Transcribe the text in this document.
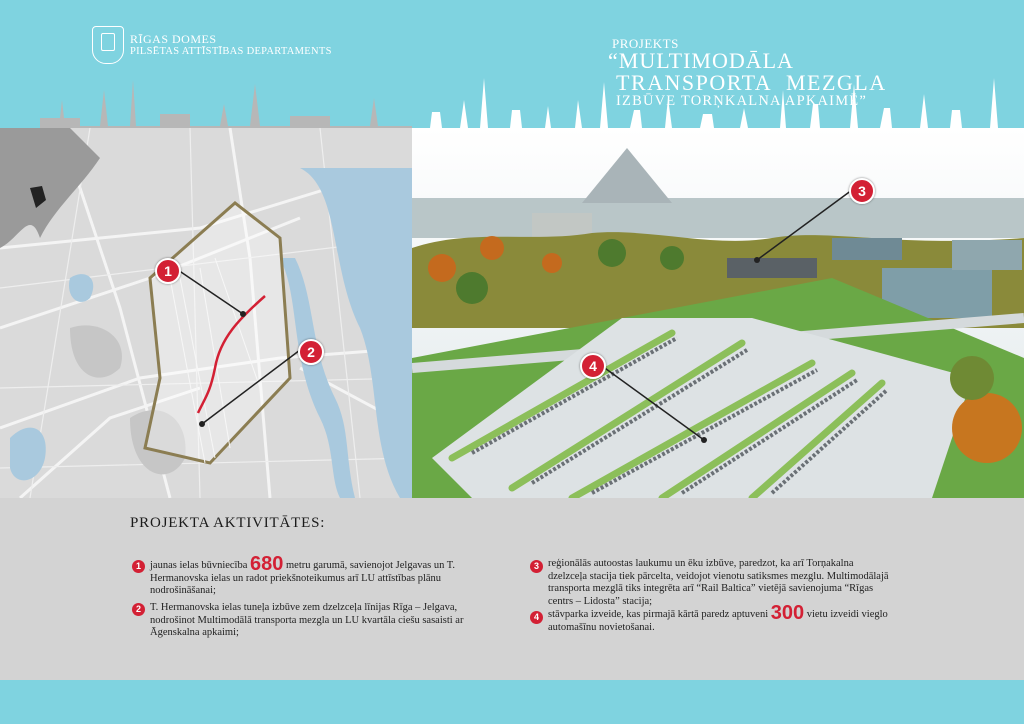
RĪGAS DOMES
PILSĒTAS ATTĪSTĪBAS DEPARTAMENTS
PROJEKTS
“MULTIMODĀLA
TRANSPORTA MEZGLA
IZBŪVE TORŅKALNA APKAIMĒ”
1
2
3
4
PROJEKTA AKTIVITĀTES:
1 jaunas ielas būvniecība 680 metru garumā, savienojot Jelgavas un T. Hermanovska ielas un radot priekšnoteikumus arī LU attīstības plānu nodrošināšanai;
2 T. Hermanovska ielas tuneļa izbūve zem dzelzceļa līnijas Rīga – Jelgava, nodrošinot Multimodālā transporta mezgla un LU kvartāla ciešu sasaisti ar Āgenskalna apkaimi;
3 reģionālās autoostas laukumu un ēku izbūve, paredzot, ka arī Torņakalna dzelzceļa stacija tiek pārcelta, veidojot vienotu satiksmes mezglu. Multimodālajā transporta mezglā tiks integrēta arī “Rail Baltica” vietējā savienojuma “Rīgas centrs – Lidosta” stacija;
4 stāvparka izveide, kas pirmajā kārtā paredz aptuveni 300 vietu izveidi vieglo automašīnu novietošanai.
